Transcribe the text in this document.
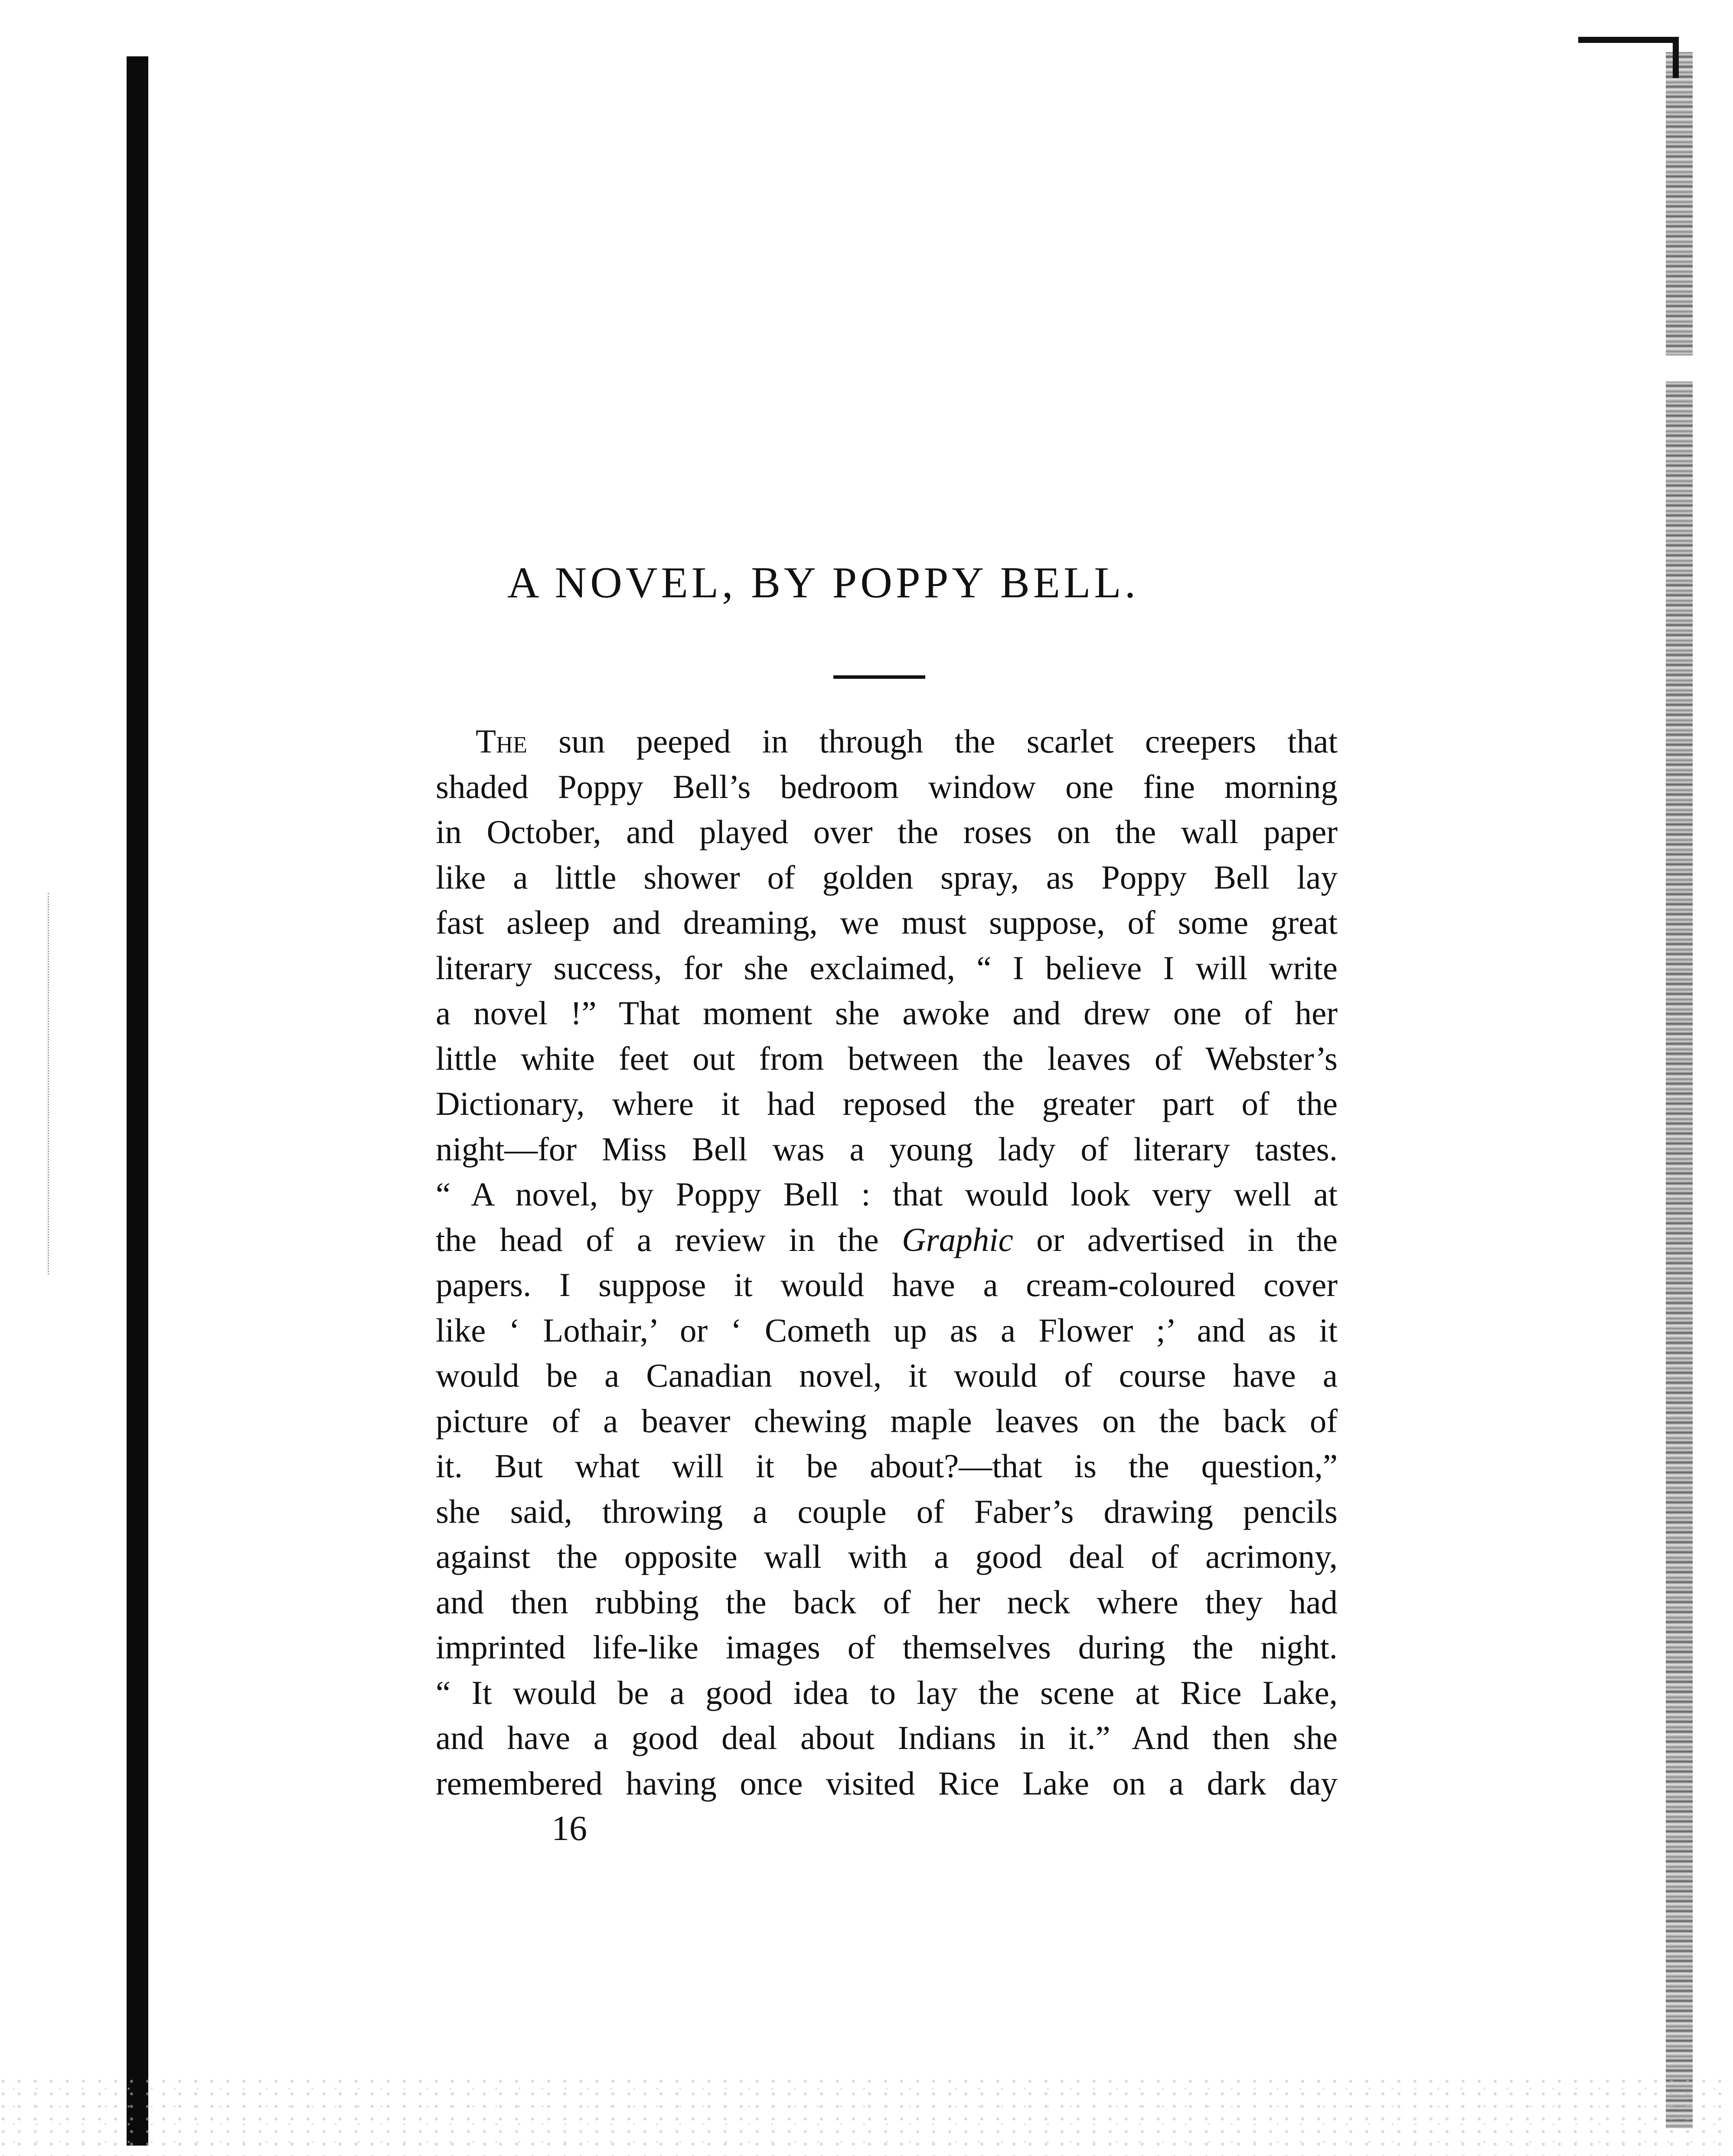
A NOVEL, BY POPPY BELL.
The sun peeped in through the scarlet creepers that
shaded Poppy Bell’s bedroom window one fine morning
in October, and played over the roses on the wall paper
like a little shower of golden spray, as Poppy Bell lay
fast asleep and dreaming, we must suppose, of some great
literary success, for she exclaimed, “ I believe I will write
a novel !” That moment she awoke and drew one of her
little white feet out from between the leaves of Webster’s
Dictionary, where it had reposed the greater part of the
night—for Miss Bell was a young lady of literary tastes.
“ A novel, by Poppy Bell : that would look very well at
the head of a review in the Graphic or advertised in the
papers. I suppose it would have a cream-coloured cover
like ‘ Lothair,’ or ‘ Cometh up as a Flower ;’ and as it
would be a Canadian novel, it would of course have a
picture of a beaver chewing maple leaves on the back of
it. But what will it be about?—that is the question,”
she said, throwing a couple of Faber’s drawing pencils
against the opposite wall with a good deal of acrimony,
and then rubbing the back of her neck where they had
imprinted life-like images of themselves during the night.
“ It would be a good idea to lay the scene at Rice Lake,
and have a good deal about Indians in it.” And then she
remembered having once visited Rice Lake on a dark day
16
